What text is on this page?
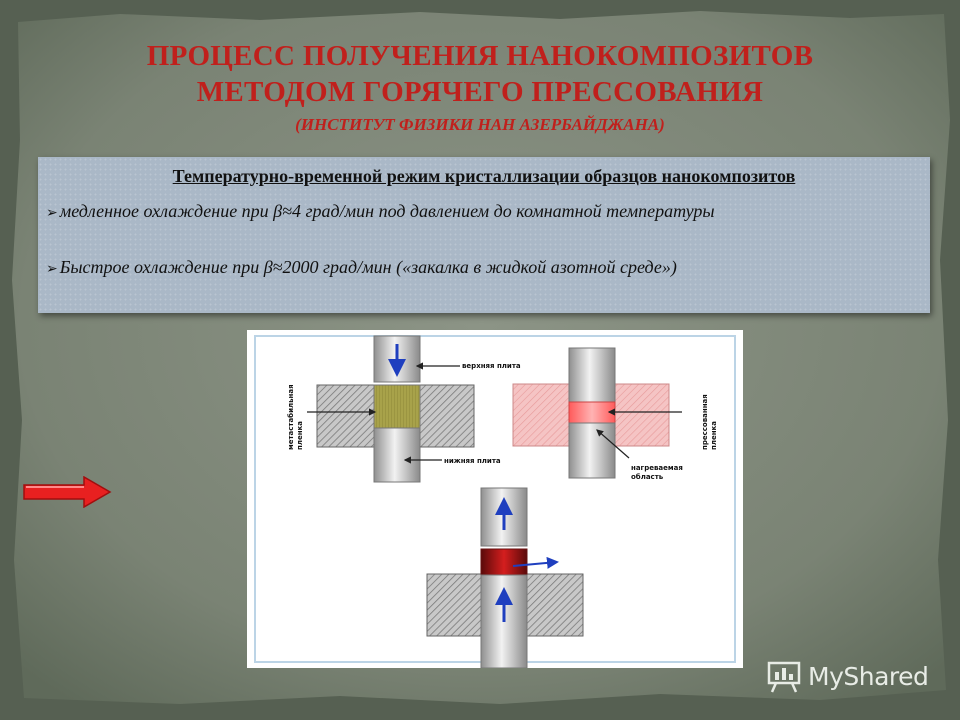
ПРОЦЕСС ПОЛУЧЕНИЯ НАНОКОМПОЗИТОВ
МЕТОДОМ ГОРЯЧЕГО ПРЕССОВАНИЯ
(ИНСТИТУТ ФИЗИКИ НАН АЗЕРБАЙДЖАНА)
Температурно-временной режим кристаллизации образцов нанокомпозитов
➢ медленное охлаждение при β≈4 град/мин под давлением до комнатной температуры
➢ Быстрое охлаждение при β≈2000 град/мин («закалка в жидкой азотной среде»)
верхняя плита
нижняя плита
метастабильная пленка
нагреваемая
область
прессованная пленка
MyShared
